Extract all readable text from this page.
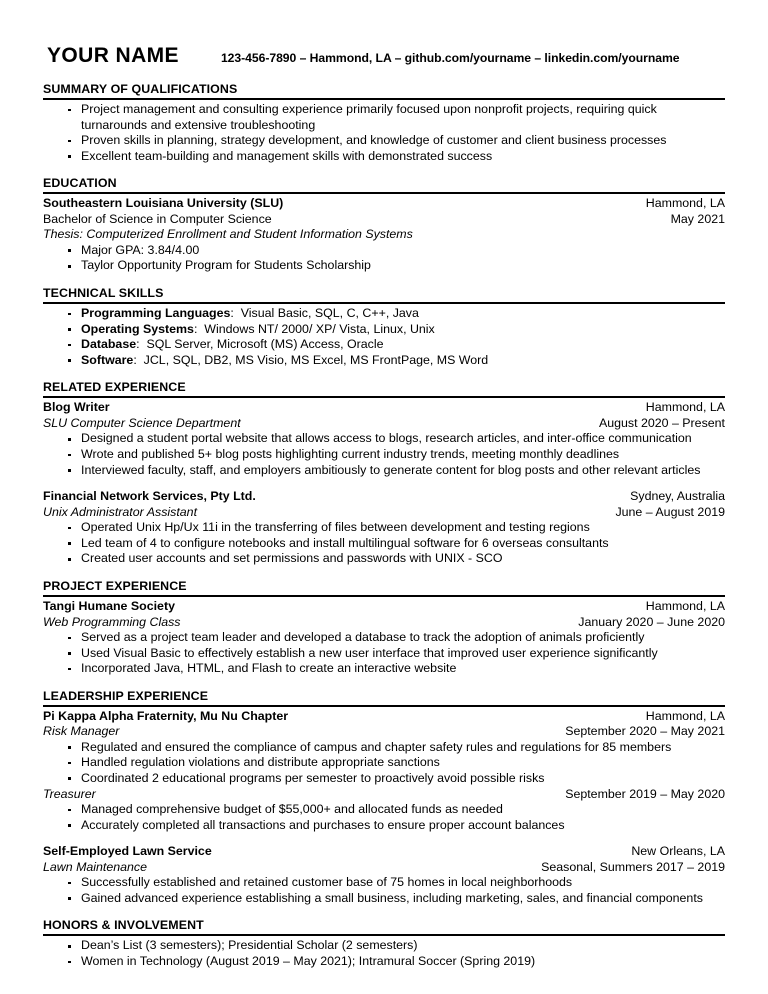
YOUR NAME	123-456-7890 – Hammond, LA – github.com/yourname – linkedin.com/yourname
SUMMARY OF QUALIFICATIONS
Project management and consulting experience primarily focused upon nonprofit projects, requiring quick turnarounds and extensive troubleshooting
Proven skills in planning, strategy development, and knowledge of customer and client business processes
Excellent team-building and management skills with demonstrated success
EDUCATION
Southeastern Louisiana University (SLU)	Hammond, LA
Bachelor of Science in Computer Science	May 2021
Thesis: Computerized Enrollment and Student Information Systems
Major GPA: 3.84/4.00
Taylor Opportunity Program for Students Scholarship
TECHNICAL SKILLS
Programming Languages:  Visual Basic, SQL, C, C++, Java
Operating Systems:  Windows NT/ 2000/ XP/ Vista, Linux, Unix
Database:  SQL Server, Microsoft (MS) Access, Oracle
Software:  JCL, SQL, DB2, MS Visio, MS Excel, MS FrontPage, MS Word
RELATED EXPERIENCE
Blog Writer	Hammond, LA
SLU Computer Science Department	August 2020 – Present
Designed a student portal website that allows access to blogs, research articles, and inter-office communication
Wrote and published 5+ blog posts highlighting current industry trends, meeting monthly deadlines
Interviewed faculty, staff, and employers ambitiously to generate content for blog posts and other relevant articles
Financial Network Services, Pty Ltd.	Sydney, Australia
Unix Administrator Assistant	June – August 2019
Operated Unix Hp/Ux 11i in the transferring of files between development and testing regions
Led team of 4 to configure notebooks and install multilingual software for 6 overseas consultants
Created user accounts and set permissions and passwords with UNIX - SCO
PROJECT EXPERIENCE
Tangi Humane Society	Hammond, LA
Web Programming Class	January 2020 – June 2020
Served as a project team leader and developed a database to track the adoption of animals proficiently
Used Visual Basic to effectively establish a new user interface that improved user experience significantly
Incorporated Java, HTML, and Flash to create an interactive website
LEADERSHIP EXPERIENCE
Pi Kappa Alpha Fraternity, Mu Nu Chapter	Hammond, LA
Risk Manager	September 2020 – May 2021
Regulated and ensured the compliance of campus and chapter safety rules and regulations for 85 members
Handled regulation violations and distribute appropriate sanctions
Coordinated 2 educational programs per semester to proactively avoid possible risks
Treasurer	September 2019 – May 2020
Managed comprehensive budget of $55,000+ and allocated funds as needed
Accurately completed all transactions and purchases to ensure proper account balances
Self-Employed Lawn Service	New Orleans, LA
Lawn Maintenance	Seasonal, Summers 2017 – 2019
Successfully established and retained customer base of 75 homes in local neighborhoods
Gained advanced experience establishing a small business, including marketing, sales, and financial components
HONORS & INVOLVEMENT
Dean’s List (3 semesters); Presidential Scholar (2 semesters)
Women in Technology (August 2019 – May 2021); Intramural Soccer (Spring 2019)
